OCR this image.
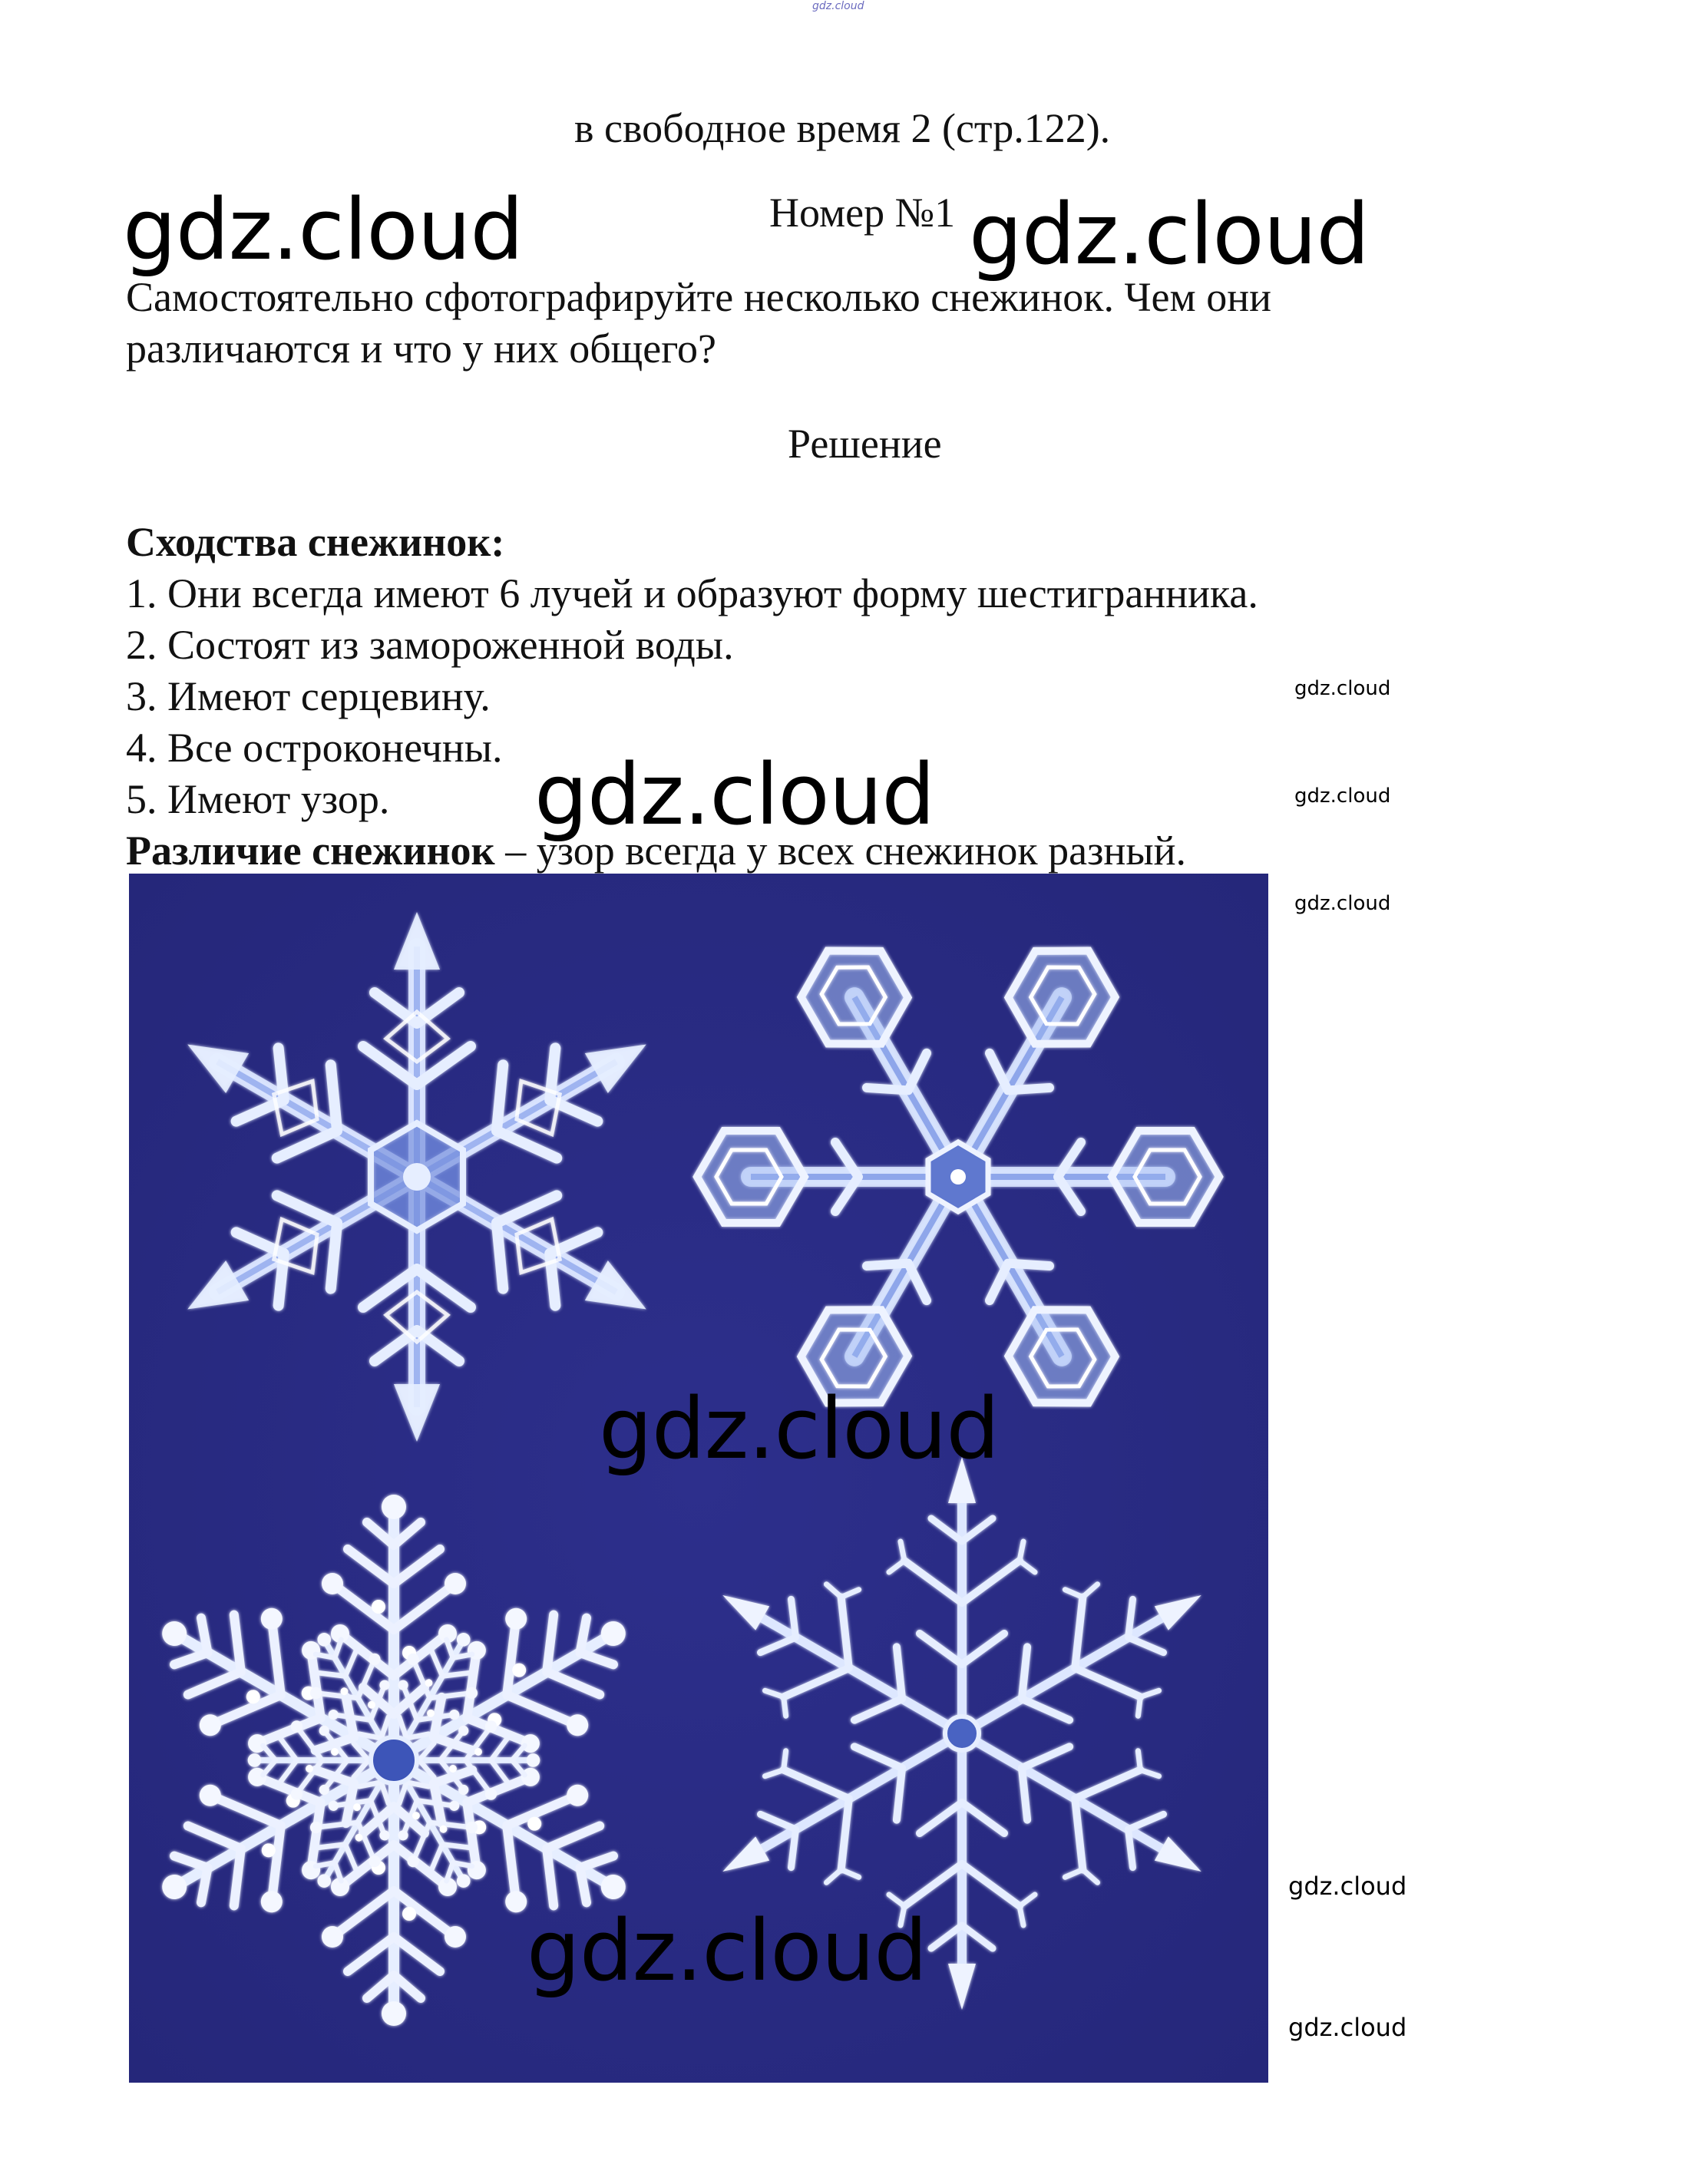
gdz.cloud
в свободное время 2 (стр.122).
Номер №1
gdz.cloud	gdz.cloud
Самостоятельно сфотографируйте несколько снежинок. Чем они
различаются и что у них общего?
Решение
Сходства снежинок:
1. Они всегда имеют 6 лучей и образуют форму шестигранника.
2. Состоят из замороженной воды.
3. Имеют серцевину.
4. Все остроконечны.
5. Имеют узор.
Различие снежинок – узор всегда у всех снежинок разный.
gdz.cloud
gdz.cloud
gdz.cloud
gdz.cloud
gdz.cloud
gdz.cloud
gdz.cloud
gdz.cloud
